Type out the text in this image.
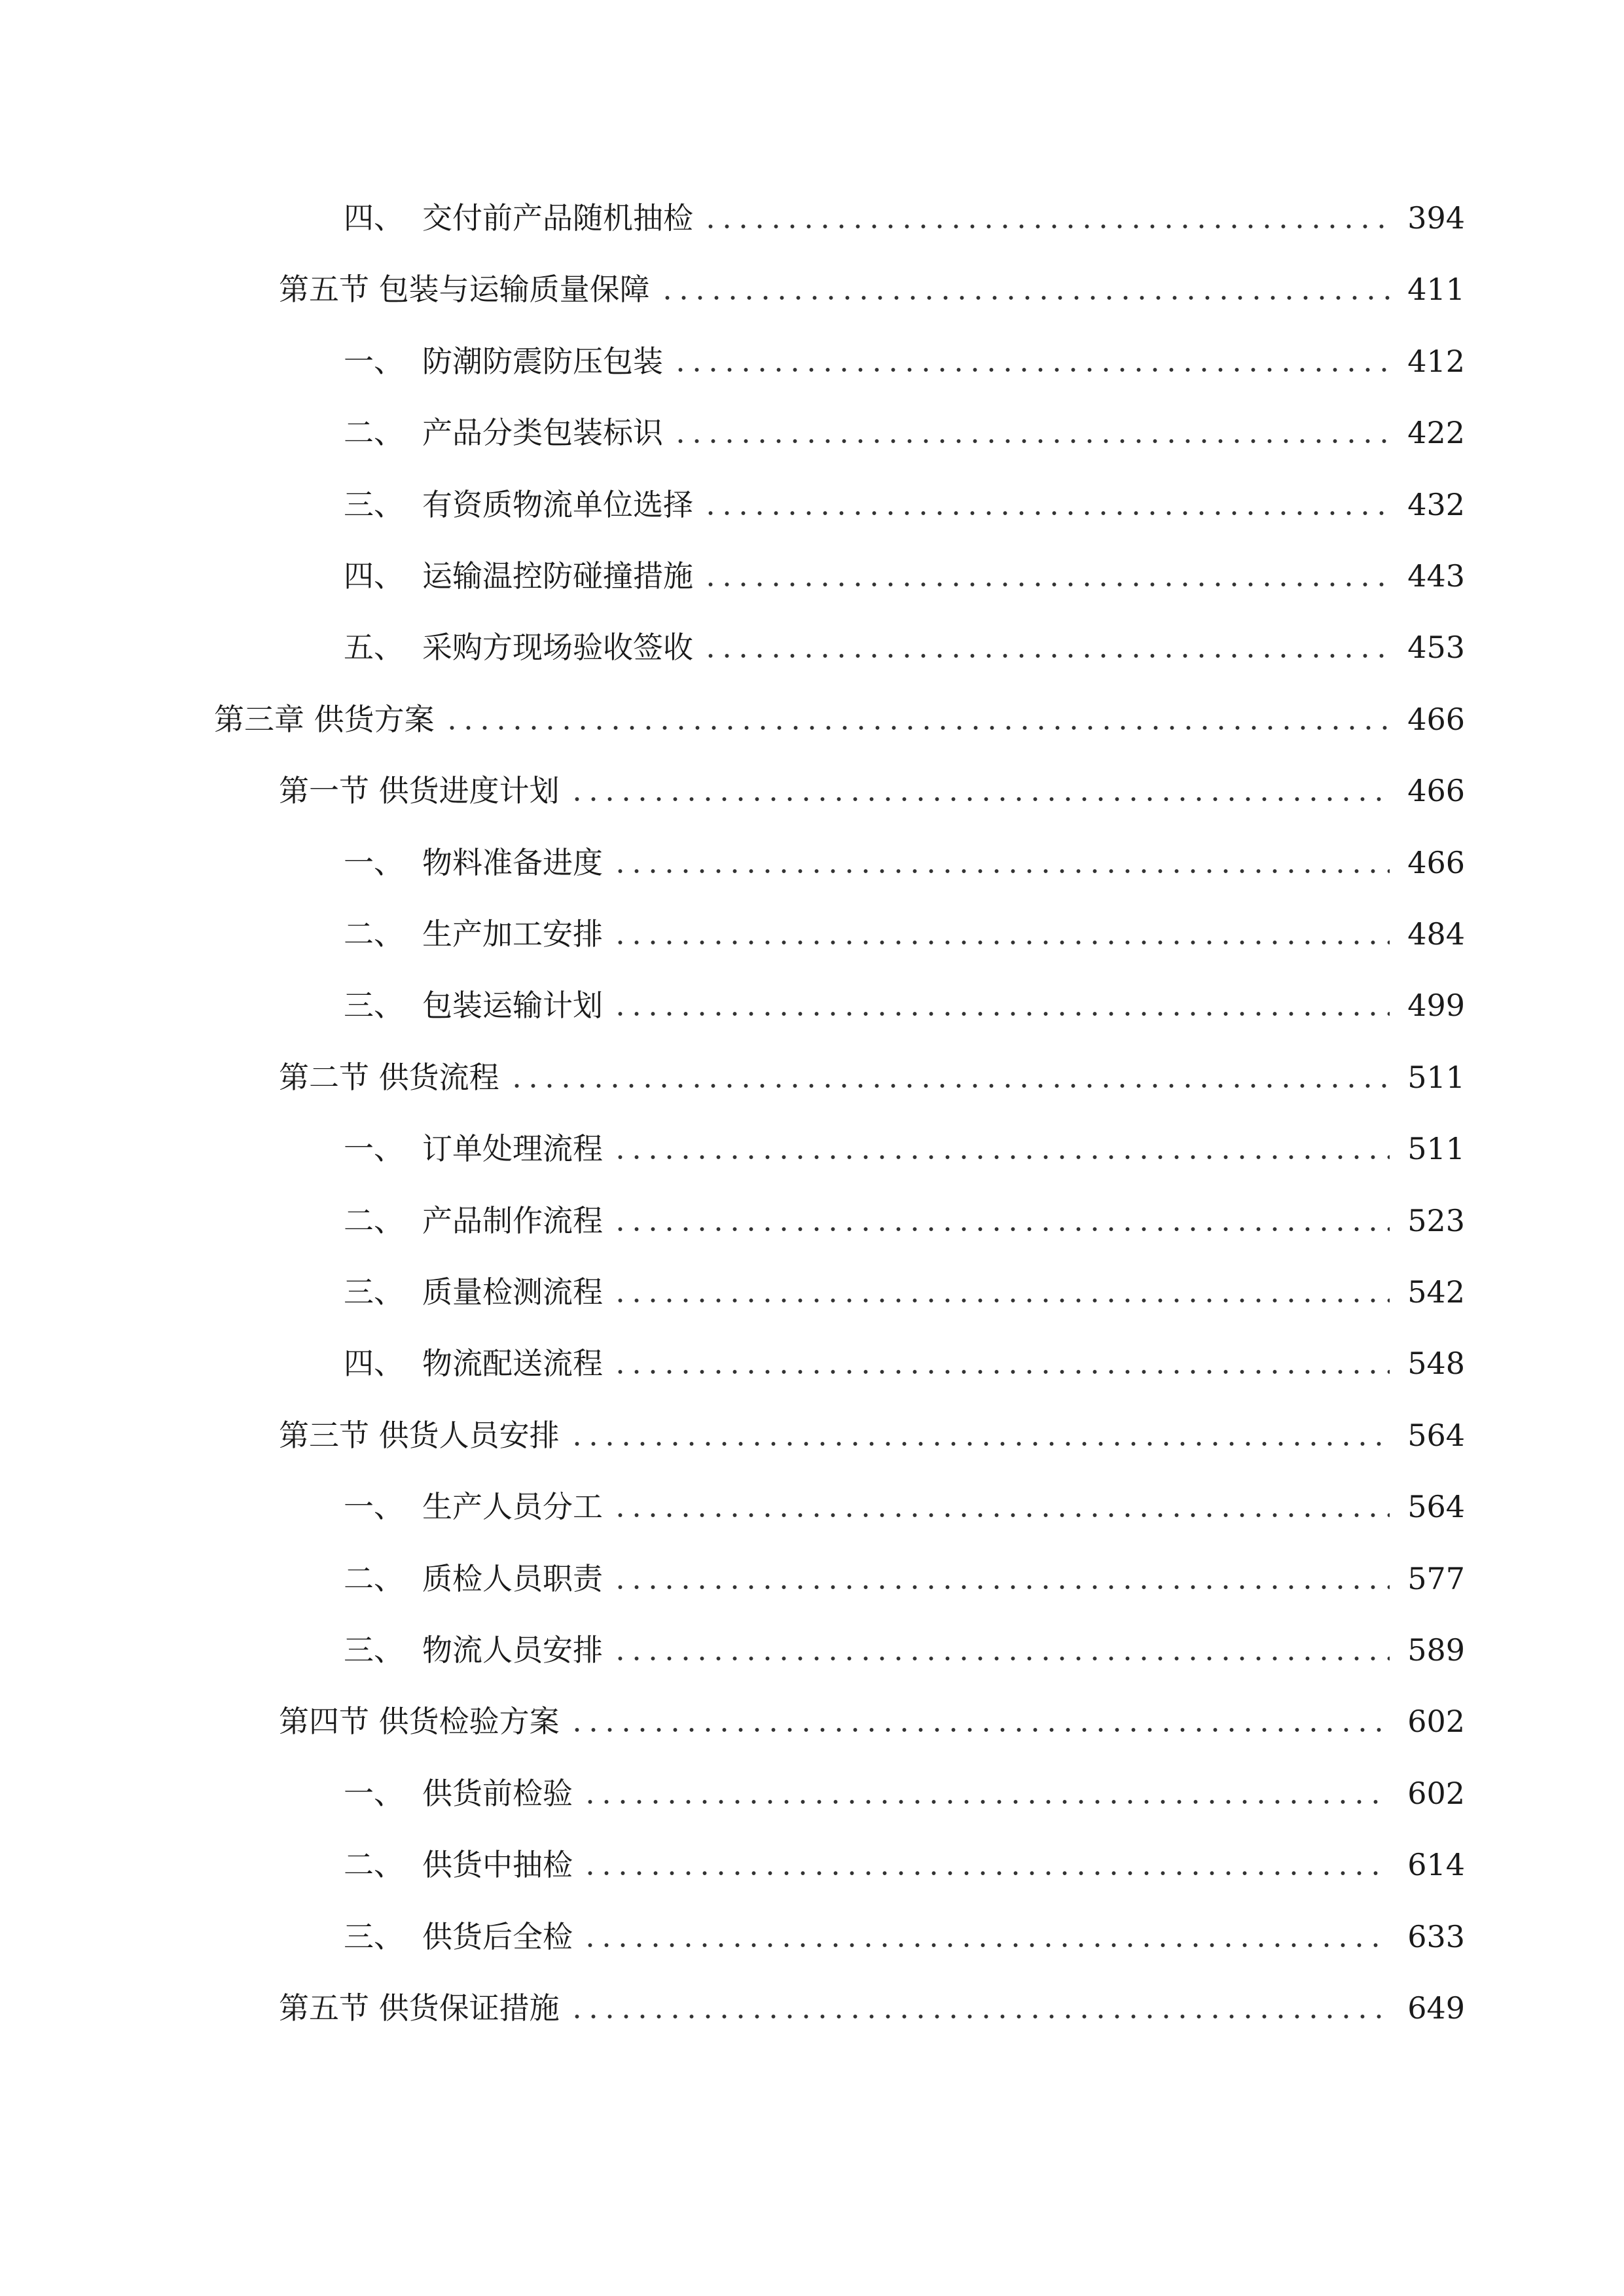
四、 交付前产品随机抽检	394
第五节 包装与运输质量保障	411
一、 防潮防震防压包装	412
二、 产品分类包装标识	422
三、 有资质物流单位选择	432
四、 运输温控防碰撞措施	443
五、 采购方现场验收签收	453
第三章 供货方案	466
第一节 供货进度计划	466
一、 物料准备进度	466
二、 生产加工安排	484
三、 包装运输计划	499
第二节 供货流程	511
一、 订单处理流程	511
二、 产品制作流程	523
三、 质量检测流程	542
四、 物流配送流程	548
第三节 供货人员安排	564
一、 生产人员分工	564
二、 质检人员职责	577
三、 物流人员安排	589
第四节 供货检验方案	602
一、 供货前检验	602
二、 供货中抽检	614
三、 供货后全检	633
第五节 供货保证措施	649
